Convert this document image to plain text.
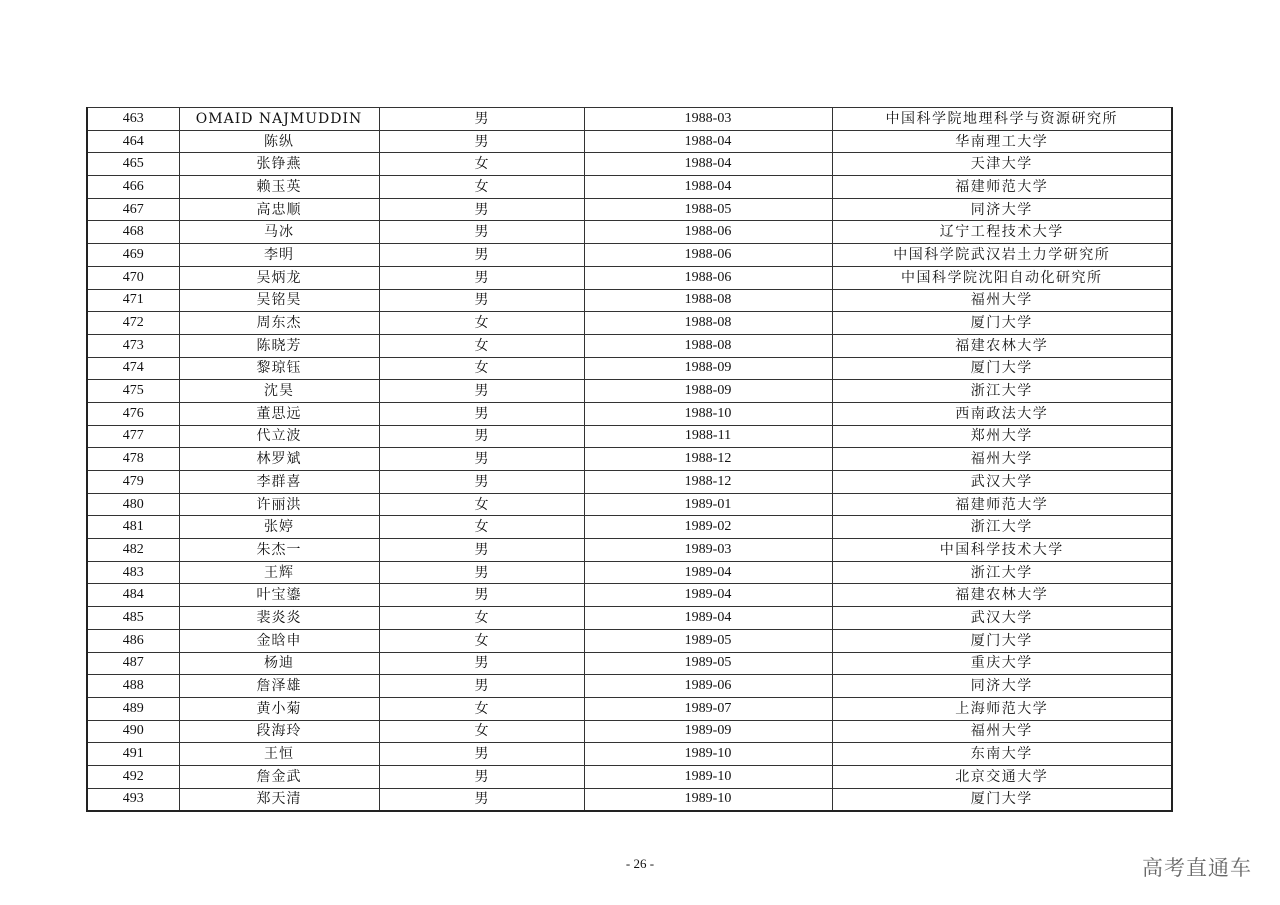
463	OMAID NAJMUDDIN	男	1988-03	中国科学院地理科学与资源研究所
464	陈纵	男	1988-04	华南理工大学
465	张铮燕	女	1988-04	天津大学
466	赖玉英	女	1988-04	福建师范大学
467	高忠顺	男	1988-05	同济大学
468	马冰	男	1988-06	辽宁工程技术大学
469	李明	男	1988-06	中国科学院武汉岩土力学研究所
470	吴炳龙	男	1988-06	中国科学院沈阳自动化研究所
471	吴铭昊	男	1988-08	福州大学
472	周东杰	女	1988-08	厦门大学
473	陈晓芳	女	1988-08	福建农林大学
474	黎琼钰	女	1988-09	厦门大学
475	沈昊	男	1988-09	浙江大学
476	董思远	男	1988-10	西南政法大学
477	代立波	男	1988-11	郑州大学
478	林罗斌	男	1988-12	福州大学
479	李群喜	男	1988-12	武汉大学
480	许丽洪	女	1989-01	福建师范大学
481	张婷	女	1989-02	浙江大学
482	朱杰一	男	1989-03	中国科学技术大学
483	王辉	男	1989-04	浙江大学
484	叶宝鎏	男	1989-04	福建农林大学
485	裴炎炎	女	1989-04	武汉大学
486	金晗申	女	1989-05	厦门大学
487	杨迪	男	1989-05	重庆大学
488	詹泽雄	男	1989-06	同济大学
489	黄小菊	女	1989-07	上海师范大学
490	段海玲	女	1989-09	福州大学
491	王恒	男	1989-10	东南大学
492	詹金武	男	1989-10	北京交通大学
493	郑天清	男	1989-10	厦门大学
- 26 -	高考直通车
